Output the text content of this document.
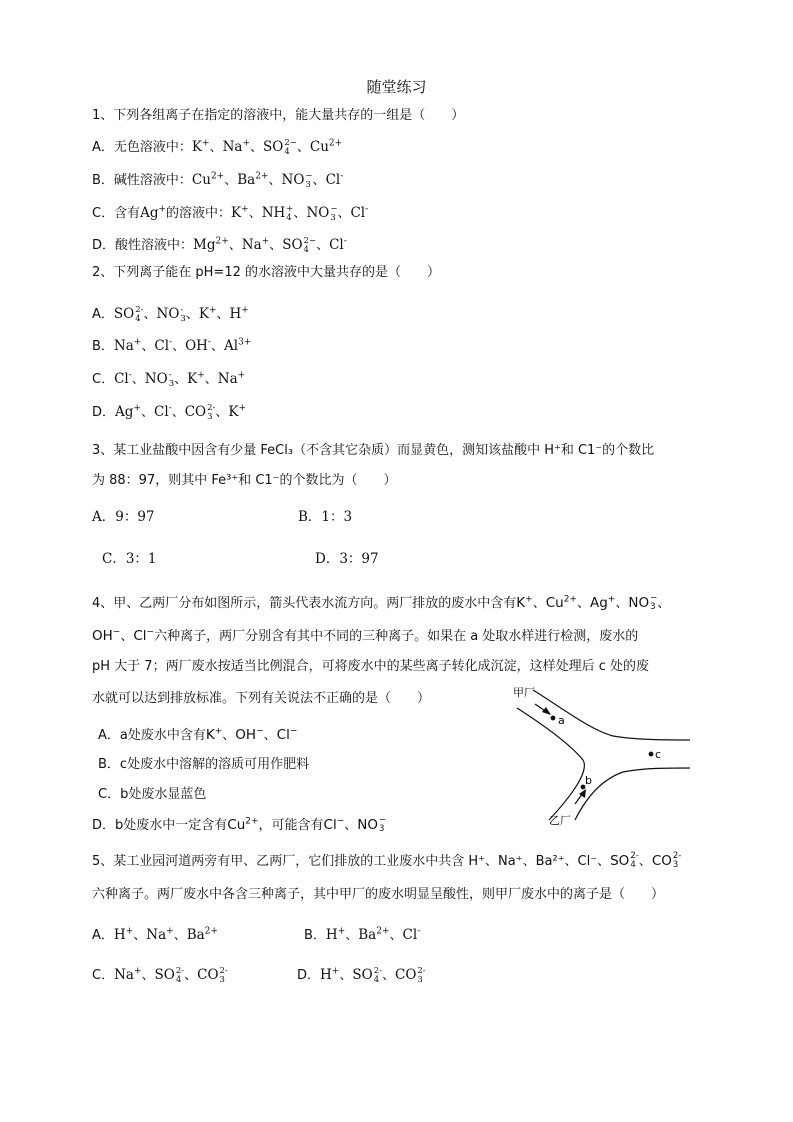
随堂练习
1、下列各组离子在指定的溶液中，能大量共存的一组是（　　）
A．无色溶液中：K+、Na+、SO 2−
4 、$Cu^{2+}$
B．碱性溶液中：$Cu^{2+}$、$Ba^{2+}$、NO −
3 、Cl-
C．含有Ag+的溶液中：K+、NH +
4 、NO −
3 、Cl-
D．酸性溶液中：$Mg^{2+}$、Na+、SO 2−
4 、Cl-
2、下列离子能在 pH=12 的水溶液中大量共存的是（　　）
A．SO 2-
4 、NO -
3 、K+、H+
B．Na+、Cl-、OH-、$Al^{3+}$
C．Cl-、NO -
3 、K+、Na+
D．Ag+、Cl-、CO 2-
3 、K+
3、某工业盐酸中因含有少量 FeCl₃（不含其它杂质）而显黄色，测知该盐酸中 H⁺和 C1⁻的个数比
为 88：97，则其中 Fe³⁺和 C1⁻的个数比为（　　）
A．9：97	B．1：3
C．3：1	D．3：97
4、甲、乙两厂分布如图所示，箭头代表水流方向。两厂排放的废水中含有K+、$Cu^{2+}$、Ag+、NO −
3 、
OH−、Cl−六种离子，两厂分别含有其中不同的三种离子。如果在 a 处取水样进行检测，废水的
pH 大于 7；两厂废水按适当比例混合，可将废水中的某些离子转化成沉淀，这样处理后 c 处的废
水就可以达到排放标准。下列有关说法不正确的是（　　）
A．a处废水中含有K+、OH−、Cl−
B．c处废水中溶解的溶质可用作肥料
C．b处废水显蓝色
D．b处废水中一定含有$Cu^{2+}$，可能含有Cl−、NO −
3
a
c
b
甲厂
乙厂
5、某工业园河道两旁有甲、乙两厂，它们排放的工业废水中共含 H⁺、Na⁺、Ba²⁺、Cl⁻、SO 2-
4 、CO 2-
3
六种离子。两厂废水中各含三种离子，其中甲厂的废水明显呈酸性，则甲厂废水中的离子是（　　）
A．H+、Na+、$Ba^{2+}$	B．H+、$Ba^{2+}$、Cl-
C．Na+、SO 2-
4 、CO 2-
3	D．H+、SO 2-
4 、CO 2-
3
